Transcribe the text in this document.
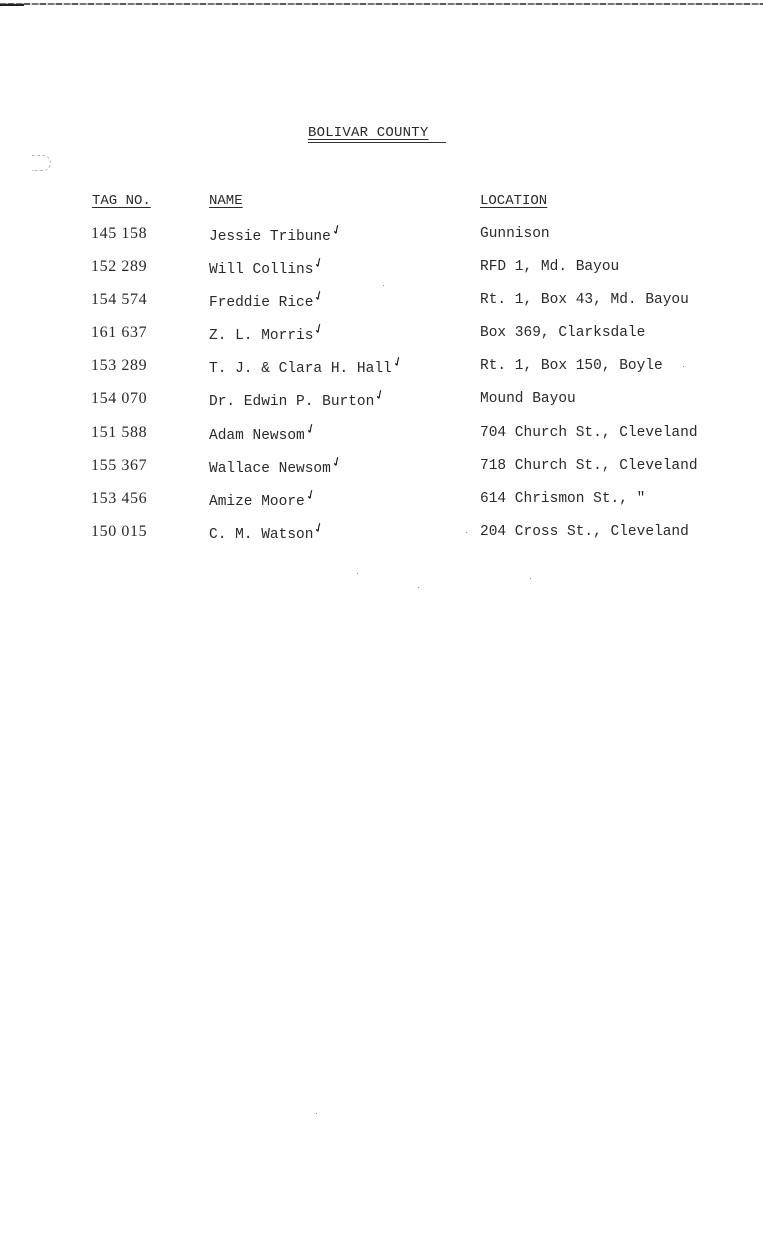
BOLIVAR COUNTY
TAG NO.	NAME	LOCATION
145 158	Jessie Tribune✓	Gunnison
152 289	Will Collins✓	RFD 1, Md. Bayou
154 574	Freddie Rice✓	Rt. 1, Box 43, Md. Bayou
161 637	Z. L. Morris✓	Box 369, Clarksdale
153 289	T. J. & Clara H. Hall✓	Rt. 1, Box 150, Boyle
154 070	Dr. Edwin P. Burton✓	Mound Bayou
151 588	Adam Newsom✓	704 Church St., Cleveland
155 367	Wallace Newsom✓	718 Church St., Cleveland
153 456	Amize Moore✓	614 Chrismon St., "
150 015	C. M. Watson✓	204 Cross St., Cleveland
